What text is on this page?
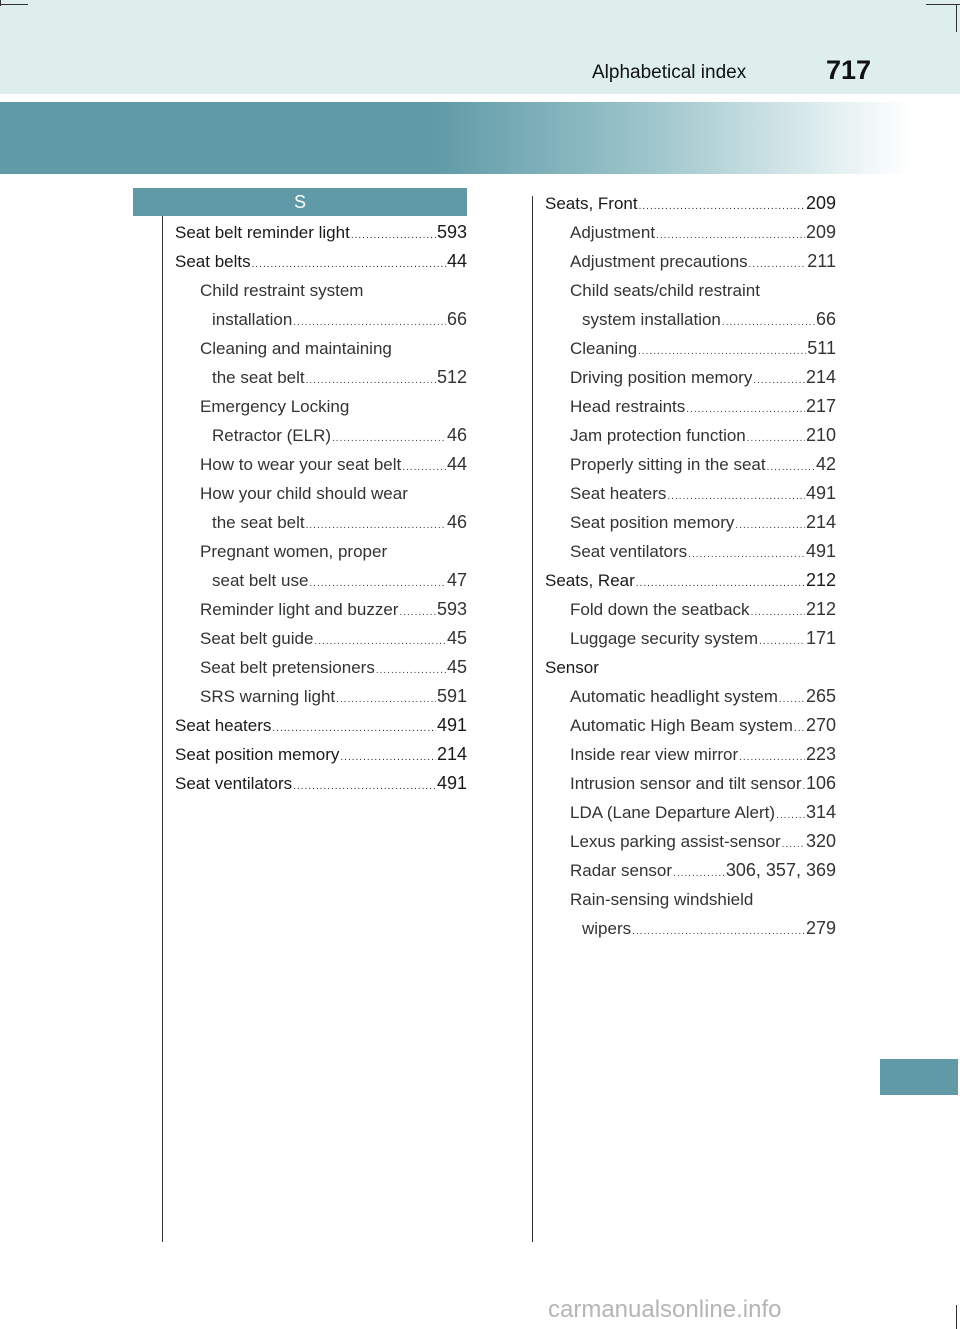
Alphabetical index	717
S
Seat belt reminder light .....	593
Seat belts .....	44
Child restraint system
installation .....	66
Cleaning and maintaining
the seat belt .....	512
Emergency Locking
Retractor (ELR) .....	46
How to wear your seat belt .....	44
How your child should wear
the seat belt .....	46
Pregnant women, proper
seat belt use .....	47
Reminder light and buzzer ..... 593
Seat belt guide .....	45
Seat belt pretensioners .....	45
SRS warning light .....	591
Seat heaters .....	491
Seat position memory .....	214
Seat ventilators .....	491
Seats, Front .....	209
Adjustment .....	209
Adjustment precautions .....	211
Child seats/child restraint
system installation .....	66
Cleaning .....	511
Driving position memory .....	214
Head restraints .....	217
Jam protection function .....	210
Properly sitting in the seat .....	42
Seat heaters .....	491
Seat position memory .....	214
Seat ventilators .....	491
Seats, Rear .....	212
Fold down the seatback .....	212
Luggage security system .....	171
Sensor
Automatic headlight system ..... 265
Automatic High Beam system ..... 270
Inside rear view mirror .....	223
Intrusion sensor and tilt sensor ..... 106
LDA (Lane Departure Alert) ..... 314
Lexus parking assist-sensor ..... 320
Radar sensor .....	306, 357, 369
Rain-sensing windshield
wipers .....	279
carmanualsonline.info
